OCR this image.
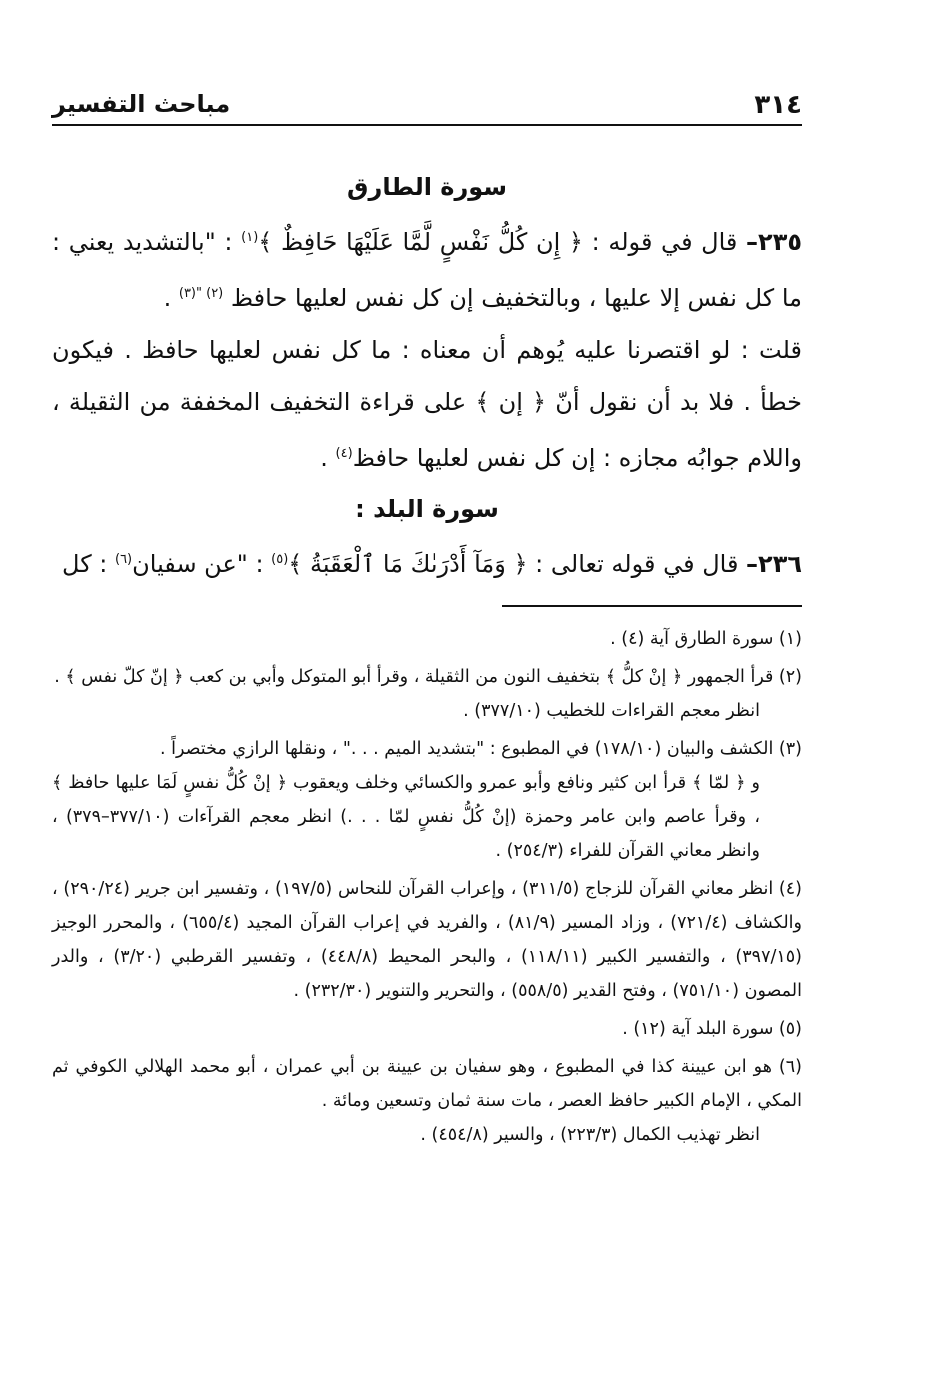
٣١٤
مباحث التفسير
سورة الطارق

٢٣٥– قال في قوله : ﴿ إِن كُلُّ نَفْسٍ لَّمَّا عَلَيْهَا حَافِظٌ ﴾$^{(١)}$ : "بالتشديد يعني : ما كل نفس إلا عليها ، وبالتخفيف إن كل نفس لعليها حافظ $^{(٢) "(٣)}$ .

قلت : لو اقتصرنا عليه يُوهم أن معناه : ما كل نفس لعليها حافظ . فيكون خطأ . فلا بد أن نقول أنّ ﴿ إن ﴾ على قراءة التخفيف المخففة من الثقيلة ، واللام جوابُه مجازه : إن كل نفس لعليها حافظ$^{(٤)}$ .

سورة البلد :

٢٣٦– قال في قوله تعالى : ﴿ وَمَآ أَدْرَىٰكَ مَا ٱلْعَقَبَةُ ﴾$^{(٥)}$ : "عن سفيان$^{(٦)}$ : كل

(١) سورة الطارق آية (٤) .

(٢) قرأ الجمهور ﴿ إنْ كلُّ ﴾ بتخفيف النون من الثقيلة ، وقرأ أبو المتوكل وأبي بن كعب ﴿ إنّ كلّ نفس ﴾ .
انظر معجم القراءات للخطيب (٣٧٧/١٠) .

(٣) الكشف والبيان (١٧٨/١٠) في المطبوع : "بتشديد الميم . . ." ، ونقلها الرازي مختصراً .
و ﴿ لمّا ﴾ قرأ ابن كثير ونافع وأبو عمرو والكسائي وخلف ويعقوب ﴿ إنْ كُلُّ نفسٍ لَمَا عليها حافظ ﴾ ، وقرأ عاصم وابن عامر وحمزة (إنْ كُلُّ نفسٍ لمّا . . .) انظر معجم القرآءات (٣٧٧/١٠–٣٧٩) ، وانظر معاني القرآن للفراء (٢٥٤/٣) .

(٤) انظر معاني القرآن للزجاج (٣١١/٥) ، وإعراب القرآن للنحاس (١٩٧/٥) ، وتفسير ابن جرير (٢٩٠/٢٤) ، والكشاف (٧٢١/٤) ، وزاد المسير (٨١/٩) ، والفريد في إعراب القرآن المجيد (٦٥٥/٤) ، والمحرر الوجيز (٣٩٧/١٥) ، والتفسير الكبير (١١٨/١١) ، والبحر المحيط (٤٤٨/٨) ، وتفسير القرطبي (٣/٢٠) ، والدر المصون (٧٥١/١٠) ، وفتح القدير (٥٥٨/٥) ، والتحرير والتنوير (٢٣٢/٣٠) .

(٥) سورة البلد آية (١٢) .

(٦) هو ابن عيينة كذا في المطبوع ، وهو سفيان بن عيينة بن أبي عمران ، أبو محمد الهلالي الكوفي ثم المكي ، الإمام الكبير حافظ العصر ، مات سنة ثمان وتسعين ومائة .
انظر تهذيب الكمال (٢٢٣/٣) ، والسير (٤٥٤/٨) .
